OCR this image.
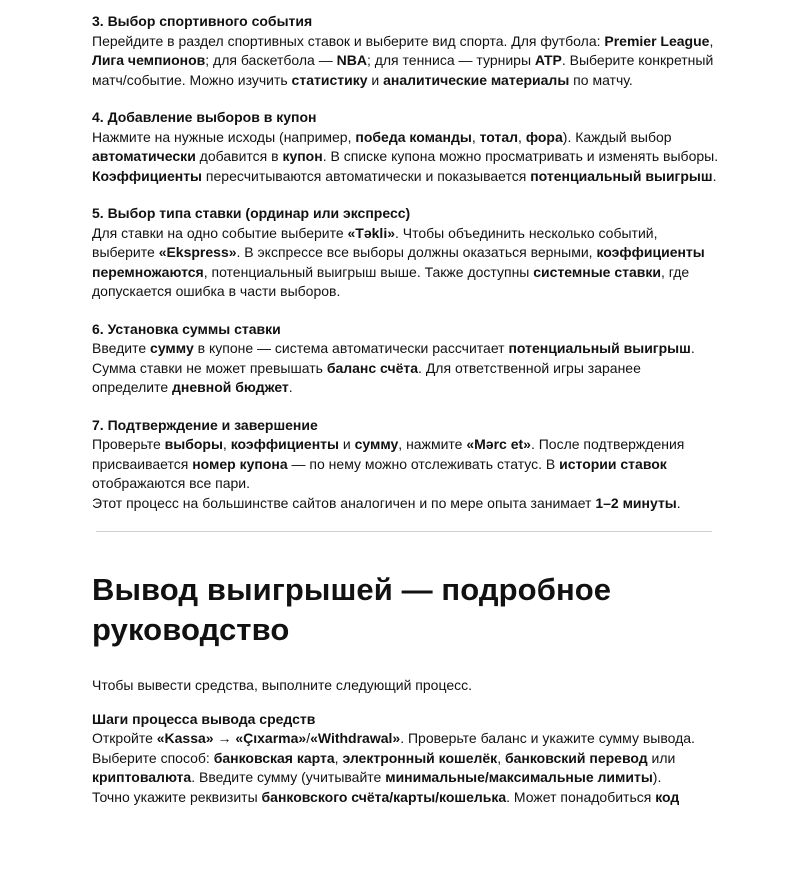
3. Выбор спортивного события

Перейдите в раздел спортивных ставок и выберите вид спорта. Для футбола: Premier League, Лига чемпионов; для баскетбола — NBA; для тенниса — турниры ATP. Выберите конкретный матч/событие. Можно изучить статистику и аналитические материалы по матчу.

4. Добавление выборов в купон

Нажмите на нужные исходы (например, победа команды, тотал, фора). Каждый выбор автоматически добавится в купон. В списке купона можно просматривать и изменять выборы. Коэффициенты пересчитываются автоматически и показывается потенциальный выигрыш.

5. Выбор типа ставки (ординар или экспресс)

Для ставки на одно событие выберите «Təkli». Чтобы объединить несколько событий, выберите «Ekspress». В экспрессе все выборы должны оказаться верными, коэффициенты перемножаются, потенциальный выигрыш выше. Также доступны системные ставки, где допускается ошибка в части выборов.

6. Установка суммы ставки

Введите сумму в купоне — система автоматически рассчитает потенциальный выигрыш. Сумма ставки не может превышать баланс счёта. Для ответственной игры заранее определите дневной бюджет.

7. Подтверждение и завершение

Проверьте выборы, коэффициенты и сумму, нажмите «Mərc et». После подтверждения присваивается номер купона — по нему можно отслеживать статус. В истории ставок отображаются все пари.

Этот процесс на большинстве сайтов аналогичен и по мере опыта занимает 1–2 минуты.

Вывод выигрышей — подробное руководство

Чтобы вывести средства, выполните следующий процесс.

Шаги процесса вывода средств

Откройте «Kassa» → «Çıxarma»/«Withdrawal». Проверьте баланс и укажите сумму вывода. Выберите способ: банковская карта, электронный кошелёк, банковский перевод или криптовалюта. Введите сумму (учитывайте минимальные/максимальные лимиты).

Точно укажите реквизиты банковского счёта/карты/кошелька. Может понадобиться код
